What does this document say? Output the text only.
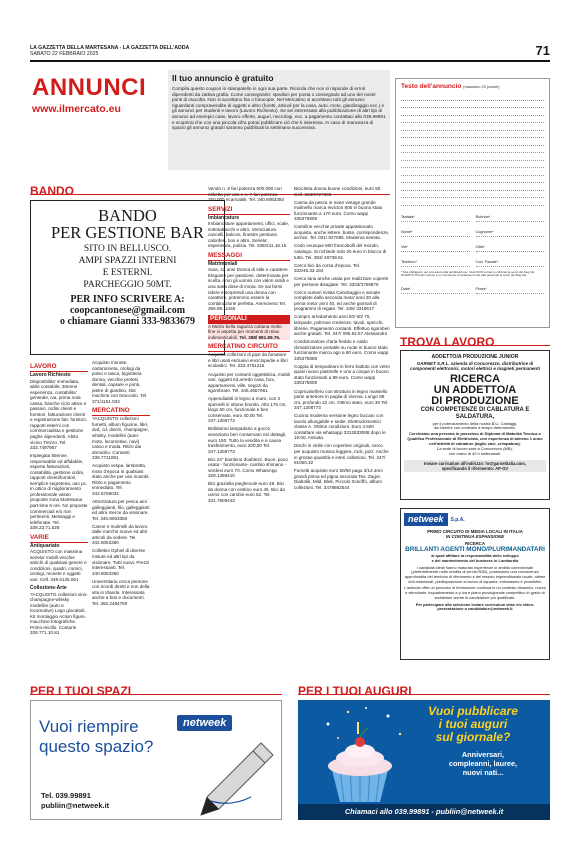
LA GAZZETTA DELLA MARTESANA - LA GAZZETTA DELL'ADDA
SABATO 22 FEBBRAIO 2025	71
ANNUNCI
www.ilmercato.eu
Il tuo annuncio è gratuito
Compila questo coupon in stampatello in ogni sua parte. Ricorda che non si risponde di errori dipendenti da cattiva grafia. Come consegnarlo: spedisci per posta o consegnalo ad uno dei nostri punti di raccolta. Non si accettano fax o fotocopie. Nel Mercatino si accettano tutti gli annunci riguardanti compravendite di oggetti e altro (furetti, articoli per la casa, auto, moto, giardinaggio ecc.) e gli annunci per studenti e lavoro (Lavoro Richiesto). Se sei interessato alla pubblicazione di altri tipi di annunci ad esempio case, lavoro offerte, auguri, necrologi, ecc. a pagamento contattaci allo 039.99891 e scoprirai che con una piccola cifra potrai pubblicare ciò che ti interessa. In caso di mancanza di spazio gli annunci gratuiti saranno pubblicati la settimana successiva.
Testo dell'annuncio (massimo 20 parole)
Testata*	Rubrica*
Nome*	Cognome*
Via*	Città*
Telefono*	Cod. Fiscale*
* Dati obbligatori per procedere alla pubblicazione. I dati NON verranno utilizzati ai sensi del Reg UE 2016/679. Prendo visione e mi connsento al trattamento dei dati personali ai sensi del Reg UE.
Data*	Firma*
BANDO
BANDO
PER GESTIONE BAR
SITO IN BELLUSCO.
AMPI SPAZZI INTERNI
E ESTERNI.
PARCHEGGIO 50MT.
PER INFO SCRIVERE A:
coopcantonese@gmail.com
o chiamare Gianni 333-9833679
LAVORO
Lavoro Richiesto

Disponibilita' immediata, abile contabile, 30enne esperienza, contabilita' generale, iva, prima nota cassa, banche ciclo attivo e passivo, ordini clienti e fornitori, fatturazione clienti e registrazione fatt. fornitori, rapporti esterni con commercialista e gestione paghe dipendenti. Abito vicino Trezzo. Tel. 333.7497957

Impiegata 55enne, responsabile ed affidabile, esperta fatturazioni, contabilità, gestione ordini, rapporti clienti/fornitori, semplice segreteria, uso pc. In ottica di miglioramento professionale valuto proposte zona Martesana part-time 6 ore. No proposte commerciali e/o non pertinenti. Messaggi e telefonate. Tel. 338.23.71.528

VARIE
Antiquariato

ACQUISTO con massima serieta' mobili vecchie antichi di qualsiasi genere e condizioni, quadri, cornici, orologi, monete e oggetti vari. Cell. 349.6125.061

Collezione-Arte

?ACQUISTO collezioni vino-champagne-whisky modellini (auto e locomotive) Lego giocattoli, Kit montaggio Action figure, macchine fotografiche. Primo-micillo. Contanti 339.771.10.81

Acquisto monete, cartamoneta, orologi da polso e tasca, bigiotteria donna, vecchie protesi dentali, capsule e ponti, pietre di giardino, slot machine con bracciolo. Tel. 371/1151.034

MERCATINO

?ACQUISTO collezioni fumetti, album figurine, libri, dvd, cd, dischi, champagne, whisky, modellini (auto-moto, locomotive, navi) calcio e moda. Ritiro dai domicilio. Contanti 339.7711081

Acquisto vespa, lambretta, moto d'epoca in qualsiasi stato anche per uso ricambi. Ritiro e pagamento immediato. Tel. 342.5768032

Attrezzatura per pesca ami galleggianti, filo, galleggianti ed altra merce da visionare. Tel. 340.8063350

Canne e mulinelli da lavoro dalle marche nuove ed altri articoli da vedere. Tel. 342.8063350

Collettini Ophiel di diverse misure ed altri tipi da visionare. Tutti nuovi. Prezzi interessanti. Tel. 340.8063350

Universitaria cerca persone con ricordi diretti e non della vita in Irlanda. Interessata anche a foto e documenti. Tel. 392.2484780

Vendo n. 8 fari potenza 500.000 con etiketta per uso e n. 7 fari potenza 250.000 ricaricabili. Tel. 340.8063350

SERVIZI
Imbiancature

Imbiancature appartamenti, uffici, scale, sottotabacchi e altro. Verniciatura cancelli, balconi, finestre persiane, caloriferi, box e altro. Serieta', esperienza, pulizia. Tel. 339/241.16.15

MESSAGGI
Matrimoniali

Sara, 42 anni Donna di stile e carattere Elegante per passione, determinata per scelta. Amo gli uomini con valori solidi e una sana dose di ironia. Se sai farmi ridere e sorprendi una donna con carattere, potremmo essere la combinazione perfetta. Ammovera Tel. 366.89.11155

PERSONALI

A Melzo bella ragazza cubana molto fine vi aspetta per momenti di relax indimenticabili. Tel. 388/ 881.89.76.

MERCATINO CIRCUITO

Acquisto collezioni di pipe da fumatore e libri usati esclusivi enciclopedie e libri scolastici. Tel. 333.4751215

Acquisto per contanti oggettistica, mobili vari, oggetti ed arredo casa, box, appartamenti, ville, negozi da sgombrare. Tel. 346.4657961

Appendiabiti in legno a muro, con 3 spinnelli in ottone brunito. Alto 175 cm, largo 60 cm, funzionale e ben conservato, euro 40.00 Tel. 347.1308773

Bellissimo lampadario a gocce veneziano ben conservato nei dettagli, euro 150. Tutto la vendita e a causa trasferimento, euro 200,00 Tel. 347.1308773

Bici 24" bambino doublezz. Buon. poco usata - funzionante- cambio shimano - verdesi euro 70. Como WhatsApp 328.1368410

Bici graziella pieghevole euro 48. Bici da donna con cestino euro 45. Bici da uomo con cambio euro 52. Tel. 331.7609443

Bicicletta donna buone condizioni, euro 50. Cell. 333/9727308

Canna da pesca in mare vintage grande mulinello marca Invicton 805 in buono stato funzionante a 170 euro. Como wapp 335375808

Cartoline vecchie private appassionato acquista, anche lettere, buste, corrispondenze, archivi. Tel. 001/ 927095. Massima serieta.

Cedo ovunque 800 francobolli del mondo, catalogo. Si richiede solo 20 euro in blocco di tutto. Tel. 393/ 48739.61

Cerco bici da corsa d'epoca. Tel. 333/46.33.184

Cerco lana anche usata per realizzare coperte per persone disagiate. Tel. 3333/3759870

Cerco numeri rivista Canottaggio e annate complete dalla seconda meta' anni 20 alla prima meta' anni 40, ed anche giornali di programmi di regate. Tel. 348/ 3319617

Compro arredamento anni 50/ 60/ 70, lampade, poltrone credenze, tavoli, specchi, librerie. Pagamento contanti. Effettuo sgomberi anche gratuiti. Tel. 347/ 090.54.67 Alessandro

Condizionatore d'aria freddo e caldo climatizzatore portatile su ruote in buono stato funzionante marca ago a 80 euro. Como wapp 335375808

Coppia di tempodeani in ferro battuto con vetro quasi nuovo piastrelle e uno a cinque in buono stato funzionanti a 88 euro. Como wapp 335375808

Copricalorifero con struttura in legno massello parte anteriore in paglia di Vienna. Lungo 89 cm, profondo 22 cm. Ottimo stato, euro 30 Tel. 347.1308773

Cucina moderna versione legno laccato con tavolo allungabile e sedie. Elettrodomestici classe A. Ottime condizioni. Euro 4.500 contattare via whatsapp 3312833088 dopo le 19:00. Assuita.

Dischi in vinile con copertine originali, cerco per acquisto musica leggera, rock, jazz. Anche in grosse quantità e interi collezioni. Tel. 347/ 91050.32

Fumetti acquisto euro 50/60 pagu 3/14 anni grandi prima ed pigna seconda Tex, Zagor, Diabolik, Mild, Blek, Piccolo Sceriffo, album collezioni. Tel. 3478862544

TROVA LAVORO
ADDETTO/A PRODUZIONE JUNIOR
GARNET S.R.L. azienda di Concorezzo, distributrice di componenti elettronici, motori elettrici e magneti permanenti
RICERCA
UN ADDETTO/A
DI PRODUZIONE
CON COMPETENZE DI CABLATURA E SALDATURA,
per il potenziamento della nostra B.U. Cablaggi,
da inserire con contratto a tempo determinato.
Cerchiamo una persona in possesso di Diploma di Maturità Tecnica o Qualifica Professionale di Elettricista, con esperienza di almeno 1 anno nell'attività di cablature (taglio cavi, crimpatura).
La sede di lavoro sarà a Concorezzo (MB),
con orario di 40 h settimanali.
Inviare curriculum all'indirizzo: hr@garnetitalia.com,
specificando il riferimento: AP-GV
netweek	S.p.A.
PRIMO CIRCUITO DI MEDIA LOCALI IN ITALIA
IN CONTINUA ESPANSIONE
RICERCA
BRILLANTI AGENTI MONO/PLURIMANDATARI
ai quali affidare la responsabilità dello sviluppo
e del mantenimento del business in Lombardia
I candidati ideali hanno maturato esperienze in ambito commerciale (preferibilmente nella vendita di servizi B2B), possiedono una conoscenza approfondita del territorio di riferimento e del tessuto imprenditoriale locale, ottime doti relazionali, predisposizione al lavoro di squadra, entusiasmo e proattività.
L'azienda offre un percorso di formazione continua in un contesto dinamico, nuovo e stimolante, inquadramento a p.iva e piano provvigionale competitivo in grado di soddisfare anche le candidature più qualificate.
Per partecipare alla selezione inviare curriculum vitae e/o video-presentazione a candidature@netweek.it
PER I TUOI SPAZI
Vuoi riempire
questo spazio?
netweek
Tel. 039.99891
publiin@netweek.it
PER I TUOI AUGURI
Vuoi pubblicare
i tuoi auguri
sul giornale?
Anniversari,
compleanni, lauree,
nuovi nati...
Chiamaci allo 039.99891 - publiin@netweek.it
